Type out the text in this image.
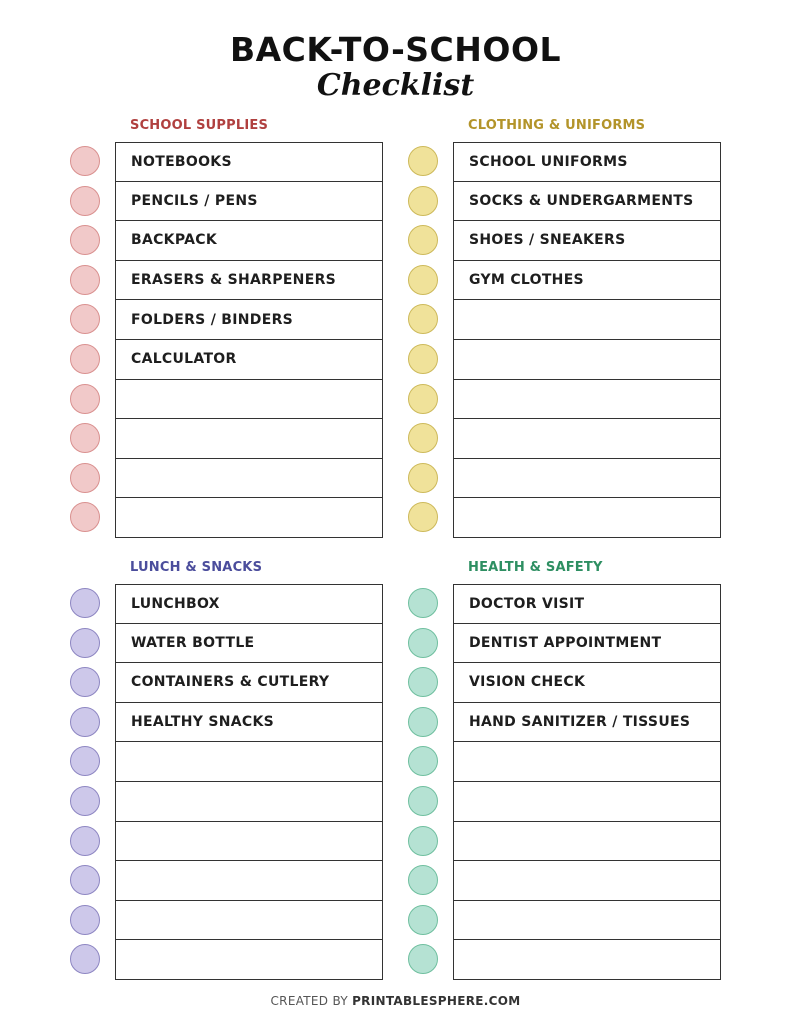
BACK-TO-SCHOOL
Checklist
SCHOOL SUPPLIES
NOTEBOOKS
PENCILS / PENS
BACKPACK
ERASERS & SHARPENERS
FOLDERS / BINDERS
CALCULATOR
CLOTHING & UNIFORMS
SCHOOL UNIFORMS
SOCKS & UNDERGARMENTS
SHOES / SNEAKERS
GYM CLOTHES
LUNCH & SNACKS
LUNCHBOX
WATER BOTTLE
CONTAINERS & CUTLERY
HEALTHY SNACKS
HEALTH & SAFETY
DOCTOR VISIT
DENTIST APPOINTMENT
VISION CHECK
HAND SANITIZER / TISSUES
CREATED BY PRINTABLESPHERE.COM
